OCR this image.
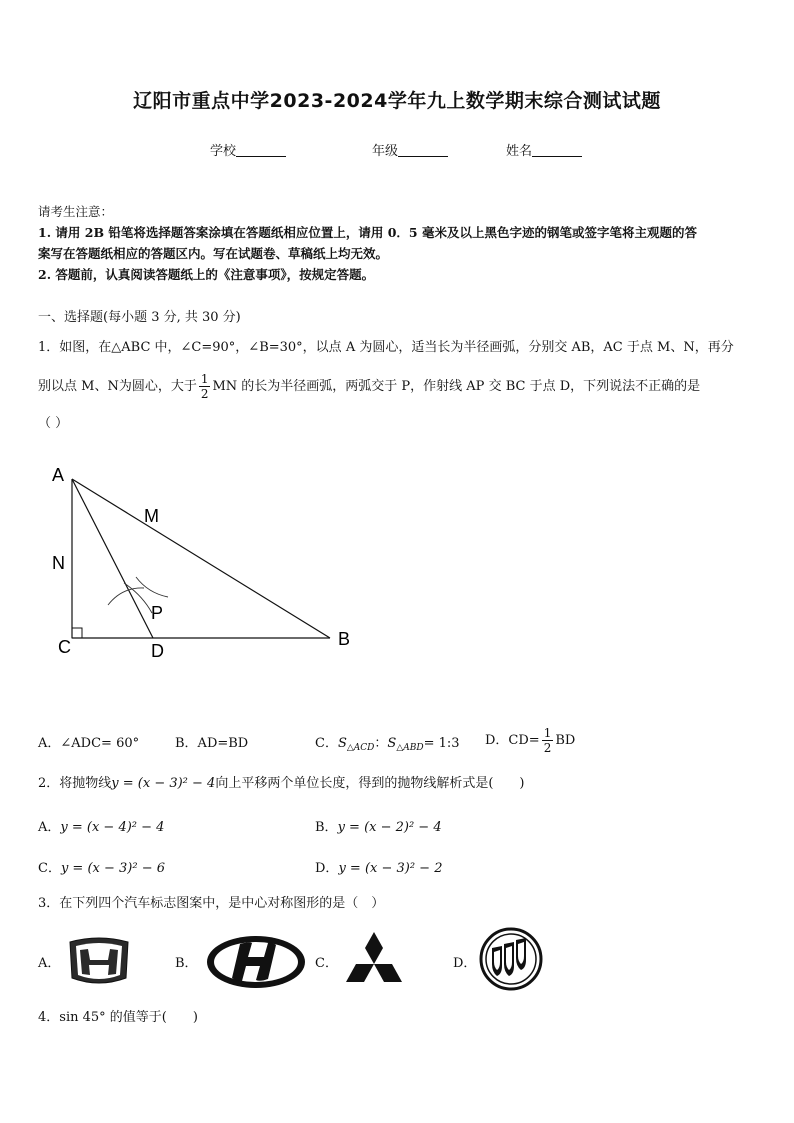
辽阳市重点中学2023-2024学年九上数学期末综合测试试题
学校	年级	姓名
请考生注意：
1. 请用 2B 铅笔将选择题答案涂填在答题纸相应位置上，请用 0．5 毫米及以上黑色字迹的钢笔或签字笔将主观题的答
案写在答题纸相应的答题区内。写在试题卷、草稿纸上均无效。
2. 答题前，认真阅读答题纸上的《注意事项》，按规定答题。
一、选择题(每小题 3 分, 共 30 分)
1．如图，在△ABC 中，∠C=90°，∠B=30°，以点 A 为圆心，适当长为半径画弧，分别交 AB，AC 于点 M、N，再分
别以点 M、N为圆心，大于 $\frac{1}{2}$ MN 的长为半径画弧，两弧交于 P，作射线 AP 交 BC 于点 D，下列说法不正确的是
（ ）
A
M
N
P
C	D
B
A．∠ADC= 60°	B．AD=BD	C．$S_{\triangle ACD}$：$S_{\triangle ABD}=$ 1:3 D．$CD= \frac{1}{2}$ BD
2．将抛物线y = (x − 3)² − 4向上平移两个单位长度，得到的抛物线解析式是(　　)
A．y = (x − 4)² − 4	B．y = (x − 2)² − 4
C．y = (x − 3)² − 6	D．y = (x − 3)² − 2
3．在下列四个汽车标志图案中，是中心对称图形的是（　）
A．	B．	C．	D．
4．sin 45° 的值等于(　　)
